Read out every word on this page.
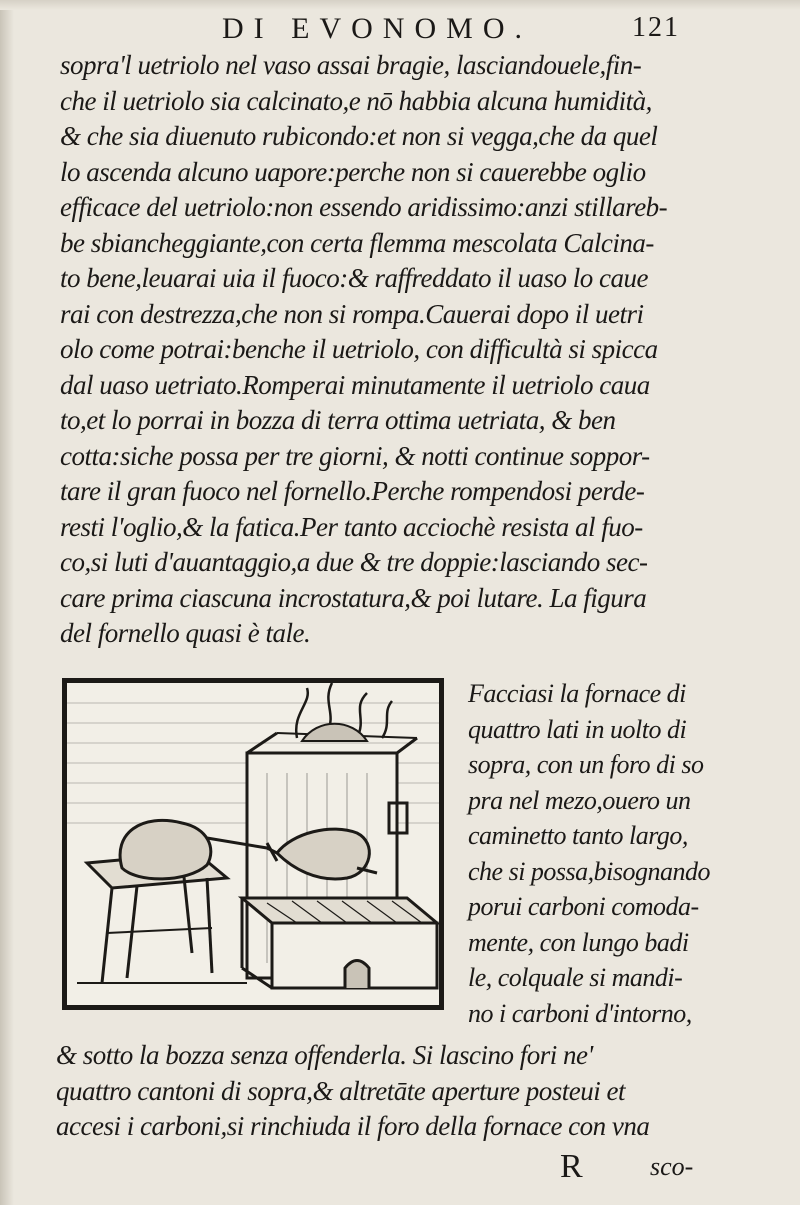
DI EVONOMO.	121
sopra'l uetriolo nel vaso assai bragie, lasciandouele,fin-
che il uetriolo sia calcinato,e nō habbia alcuna humidità,
& che sia diuenuto rubicondo:et non si vegga,che da quel
lo ascenda alcuno uapore:perche non si cauerebbe oglio
efficace del uetriolo:non essendo aridissimo:anzi stillareb-
be sbiancheggiante,con certa flemma mescolata Calcina-
to bene,leuarai uia il fuoco:& raffreddato il uaso lo caue
rai con destrezza,che non si rompa.Cauerai dopo il uetri
olo come potrai:benche il uetriolo, con difficultà si spicca
dal uaso uetriato.Romperai minutamente il uetriolo caua
to,et lo porrai in bozza di terra ottima uetriata, & ben
cotta:siche possa per tre giorni, & notti continue soppor-
tare il gran fuoco nel fornello.Perche rompendosi perde-
resti l'oglio,& la fatica.Per tanto acciochè resista al fuo-
co,si luti d'auantaggio,a due & tre doppie:lasciando sec-
care prima ciascuna incrostatura,& poi lutare. La figura
del fornello quasi è tale.
Facciasi la fornace di
quattro lati in uolto di
sopra, con un foro di so
pra nel mezo,ouero un
caminetto tanto largo,
che si possa,bisognando
porui carboni comoda-
mente, con lungo badi
le, colquale si mandi-
no i carboni d'intorno,
& sotto la bozza senza offenderla. Si lascino fori ne'
quattro cantoni di sopra,& altretāte aperture posteui et
accesi i carboni,si rinchiuda il foro della fornace con vna
R	sco-
